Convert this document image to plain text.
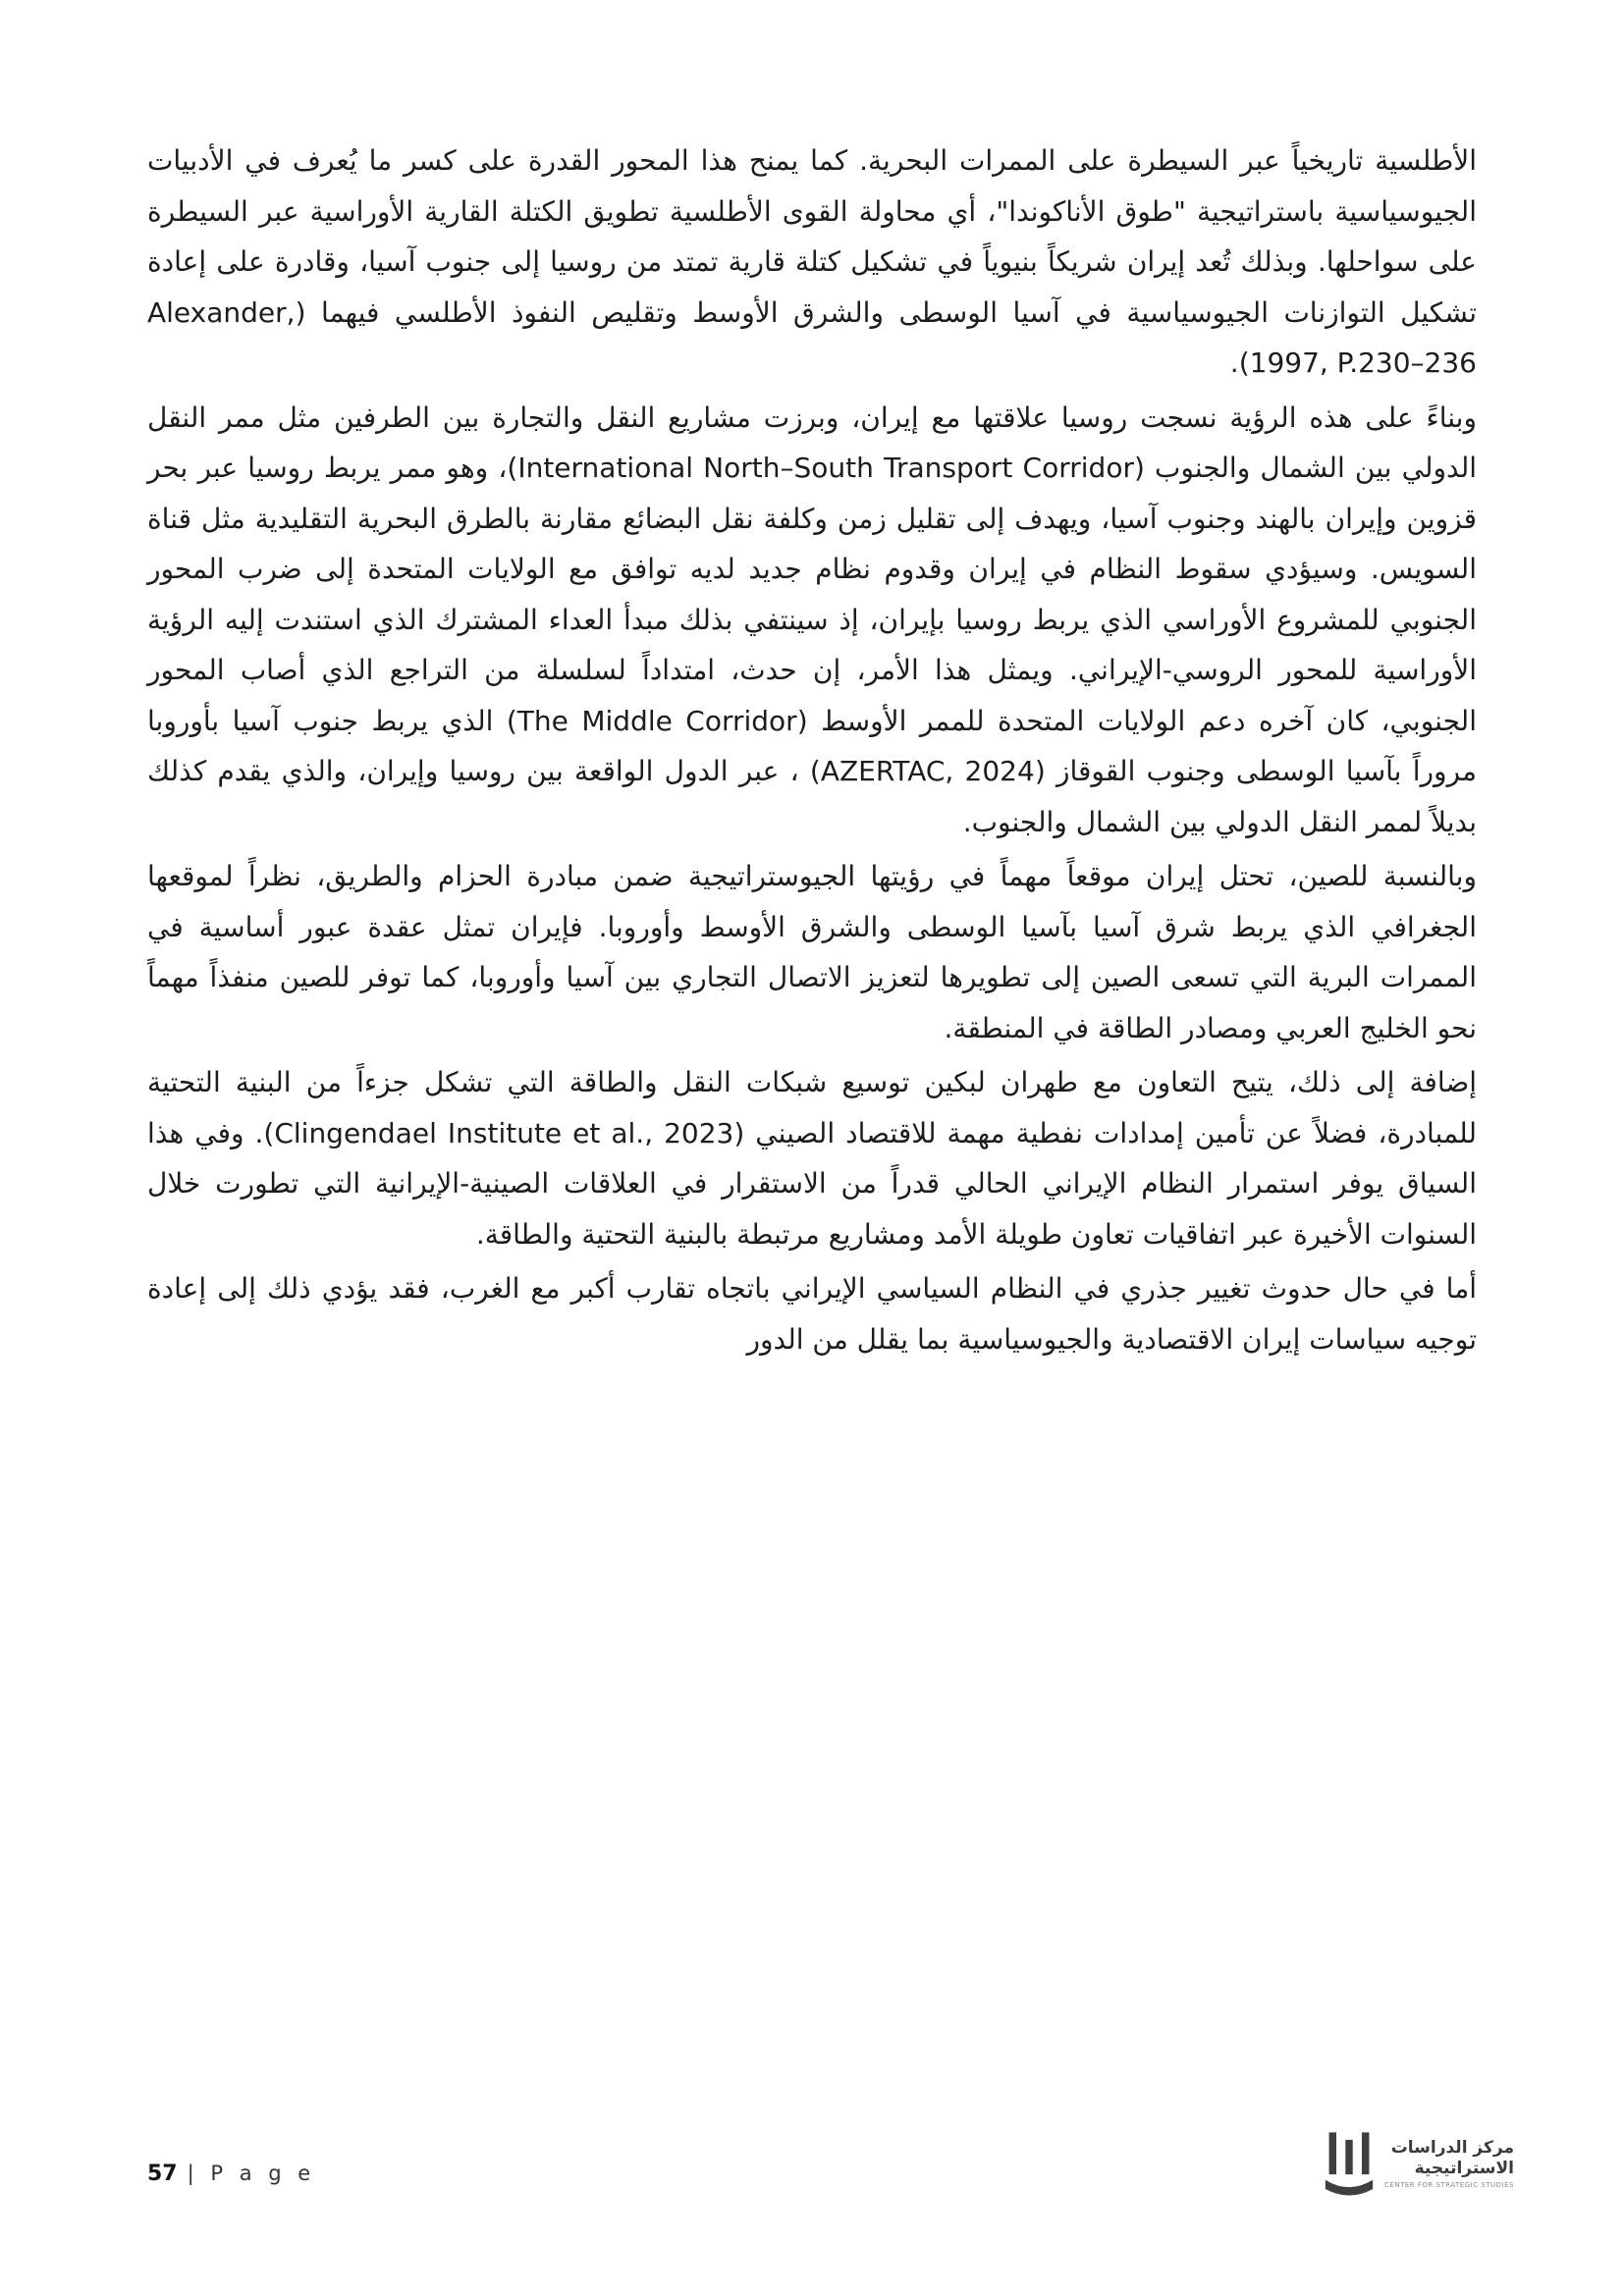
الأطلسية تاريخياً عبر السيطرة على الممرات البحرية. كما يمنح هذا المحور القدرة على كسر ما يُعرف في الأدبيات الجيوسياسية باستراتيجية "طوق الأناكوندا"، أي محاولة القوى الأطلسية تطويق الكتلة القارية الأوراسية عبر السيطرة على سواحلها. وبذلك تُعد إيران شريكاً بنيوياً في تشكيل كتلة قارية تمتد من روسيا إلى جنوب آسيا، وقادرة على إعادة تشكيل التوازنات الجيوسياسية في آسيا الوسطى والشرق الأوسط وتقليص النفوذ الأطلسي فيهما (Alexander, 1997, P.230–236).

وبناءً على هذه الرؤية نسجت روسيا علاقتها مع إيران، وبرزت مشاريع النقل والتجارة بين الطرفين مثل ممر النقل الدولي بين الشمال والجنوب (International North–South Transport Corridor)، وهو ممر يربط روسيا عبر بحر قزوين وإيران بالهند وجنوب آسيا، ويهدف إلى تقليل زمن وكلفة نقل البضائع مقارنة بالطرق البحرية التقليدية مثل قناة السويس. وسيؤدي سقوط النظام في إيران وقدوم نظام جديد لديه توافق مع الولايات المتحدة إلى ضرب المحور الجنوبي للمشروع الأوراسي الذي يربط روسيا بإيران، إذ سينتفي بذلك مبدأ العداء المشترك الذي استندت إليه الرؤية الأوراسية للمحور الروسي-الإيراني. ويمثل هذا الأمر، إن حدث، امتداداً لسلسلة من التراجع الذي أصاب المحور الجنوبي، كان آخره دعم الولايات المتحدة للممر الأوسط (The Middle Corridor) الذي يربط جنوب آسيا بأوروبا مروراً بآسيا الوسطى وجنوب القوقاز (AZERTAC, 2024) ، عبر الدول الواقعة بين روسيا وإيران، والذي يقدم كذلك بديلاً لممر النقل الدولي بين الشمال والجنوب.

وبالنسبة للصين، تحتل إيران موقعاً مهماً في رؤيتها الجيوستراتيجية ضمن مبادرة الحزام والطريق، نظراً لموقعها الجغرافي الذي يربط شرق آسيا بآسيا الوسطى والشرق الأوسط وأوروبا. فإيران تمثل عقدة عبور أساسية في الممرات البرية التي تسعى الصين إلى تطويرها لتعزيز الاتصال التجاري بين آسيا وأوروبا، كما توفر للصين منفذاً مهماً نحو الخليج العربي ومصادر الطاقة في المنطقة.

إضافة إلى ذلك، يتيح التعاون مع طهران لبكين توسيع شبكات النقل والطاقة التي تشكل جزءاً من البنية التحتية للمبادرة، فضلاً عن تأمين إمدادات نفطية مهمة للاقتصاد الصيني (Clingendael Institute et al., 2023). وفي هذا السياق يوفر استمرار النظام الإيراني الحالي قدراً من الاستقرار في العلاقات الصينية-الإيرانية التي تطورت خلال السنوات الأخيرة عبر اتفاقيات تعاون طويلة الأمد ومشاريع مرتبطة بالبنية التحتية والطاقة.

أما في حال حدوث تغيير جذري في النظام السياسي الإيراني باتجاه تقارب أكبر مع الغرب، فقد يؤدي ذلك إلى إعادة توجيه سياسات إيران الاقتصادية والجيوسياسية بما يقلل من الدور

57 | P a g e
مركز الدراسات
الاستراتيجية
CENTER FOR STRATEGIC STUDIES
